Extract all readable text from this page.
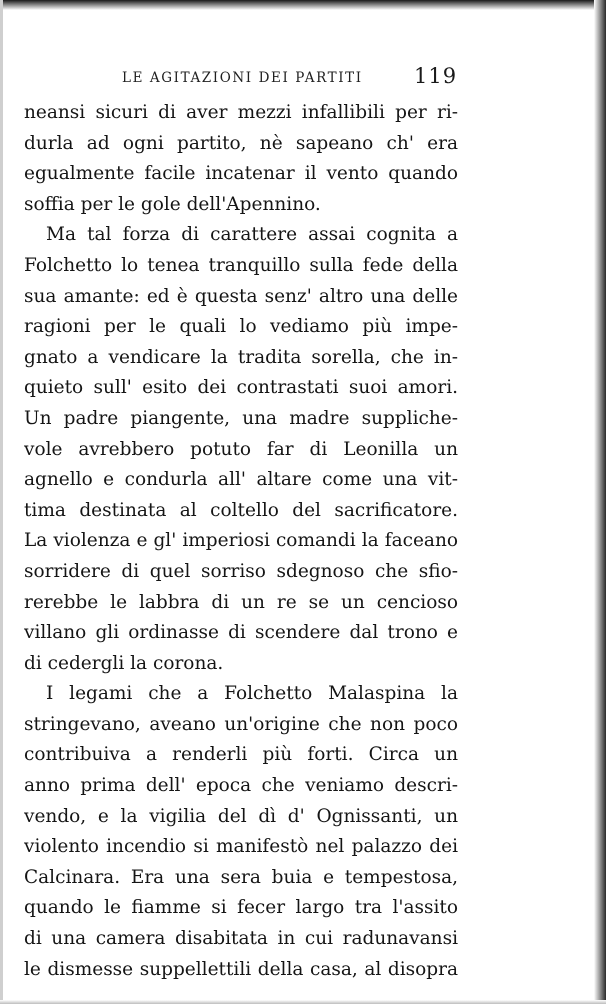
LE AGITAZIONI DEI PARTITI	119
neansi sicuri di aver mezzi infallibili per ri-
durla ad ogni partito, nè sapeano ch' era
egualmente facile incatenar il vento quando
soffia per le gole dell'Apennino.
Ma tal forza di carattere assai cognita a
Folchetto lo tenea tranquillo sulla fede della
sua amante: ed è questa senz' altro una delle
ragioni per le quali lo vediamo più impe-
gnato a vendicare la tradita sorella, che in-
quieto sull' esito dei contrastati suoi amori.
Un padre piangente, una madre suppliche-
vole avrebbero potuto far di Leonilla un
agnello e condurla all' altare come una vit-
tima destinata al coltello del sacrificatore.
La violenza e gl' imperiosi comandi la faceano
sorridere di quel sorriso sdegnoso che sfio-
rerebbe le labbra di un re se un cencioso
villano gli ordinasse di scendere dal trono e
di cedergli la corona.
I legami che a Folchetto Malaspina la
stringevano, aveano un'origine che non poco
contribuiva a renderli più forti. Circa un
anno prima dell' epoca che veniamo descri-
vendo, e la vigilia del dì d' Ognissanti, un
violento incendio si manifestò nel palazzo dei
Calcinara. Era una sera buia e tempestosa,
quando le fiamme si fecer largo tra l'assito
di una camera disabitata in cui radunavansi
le dismesse suppellettili della casa, al disopra
